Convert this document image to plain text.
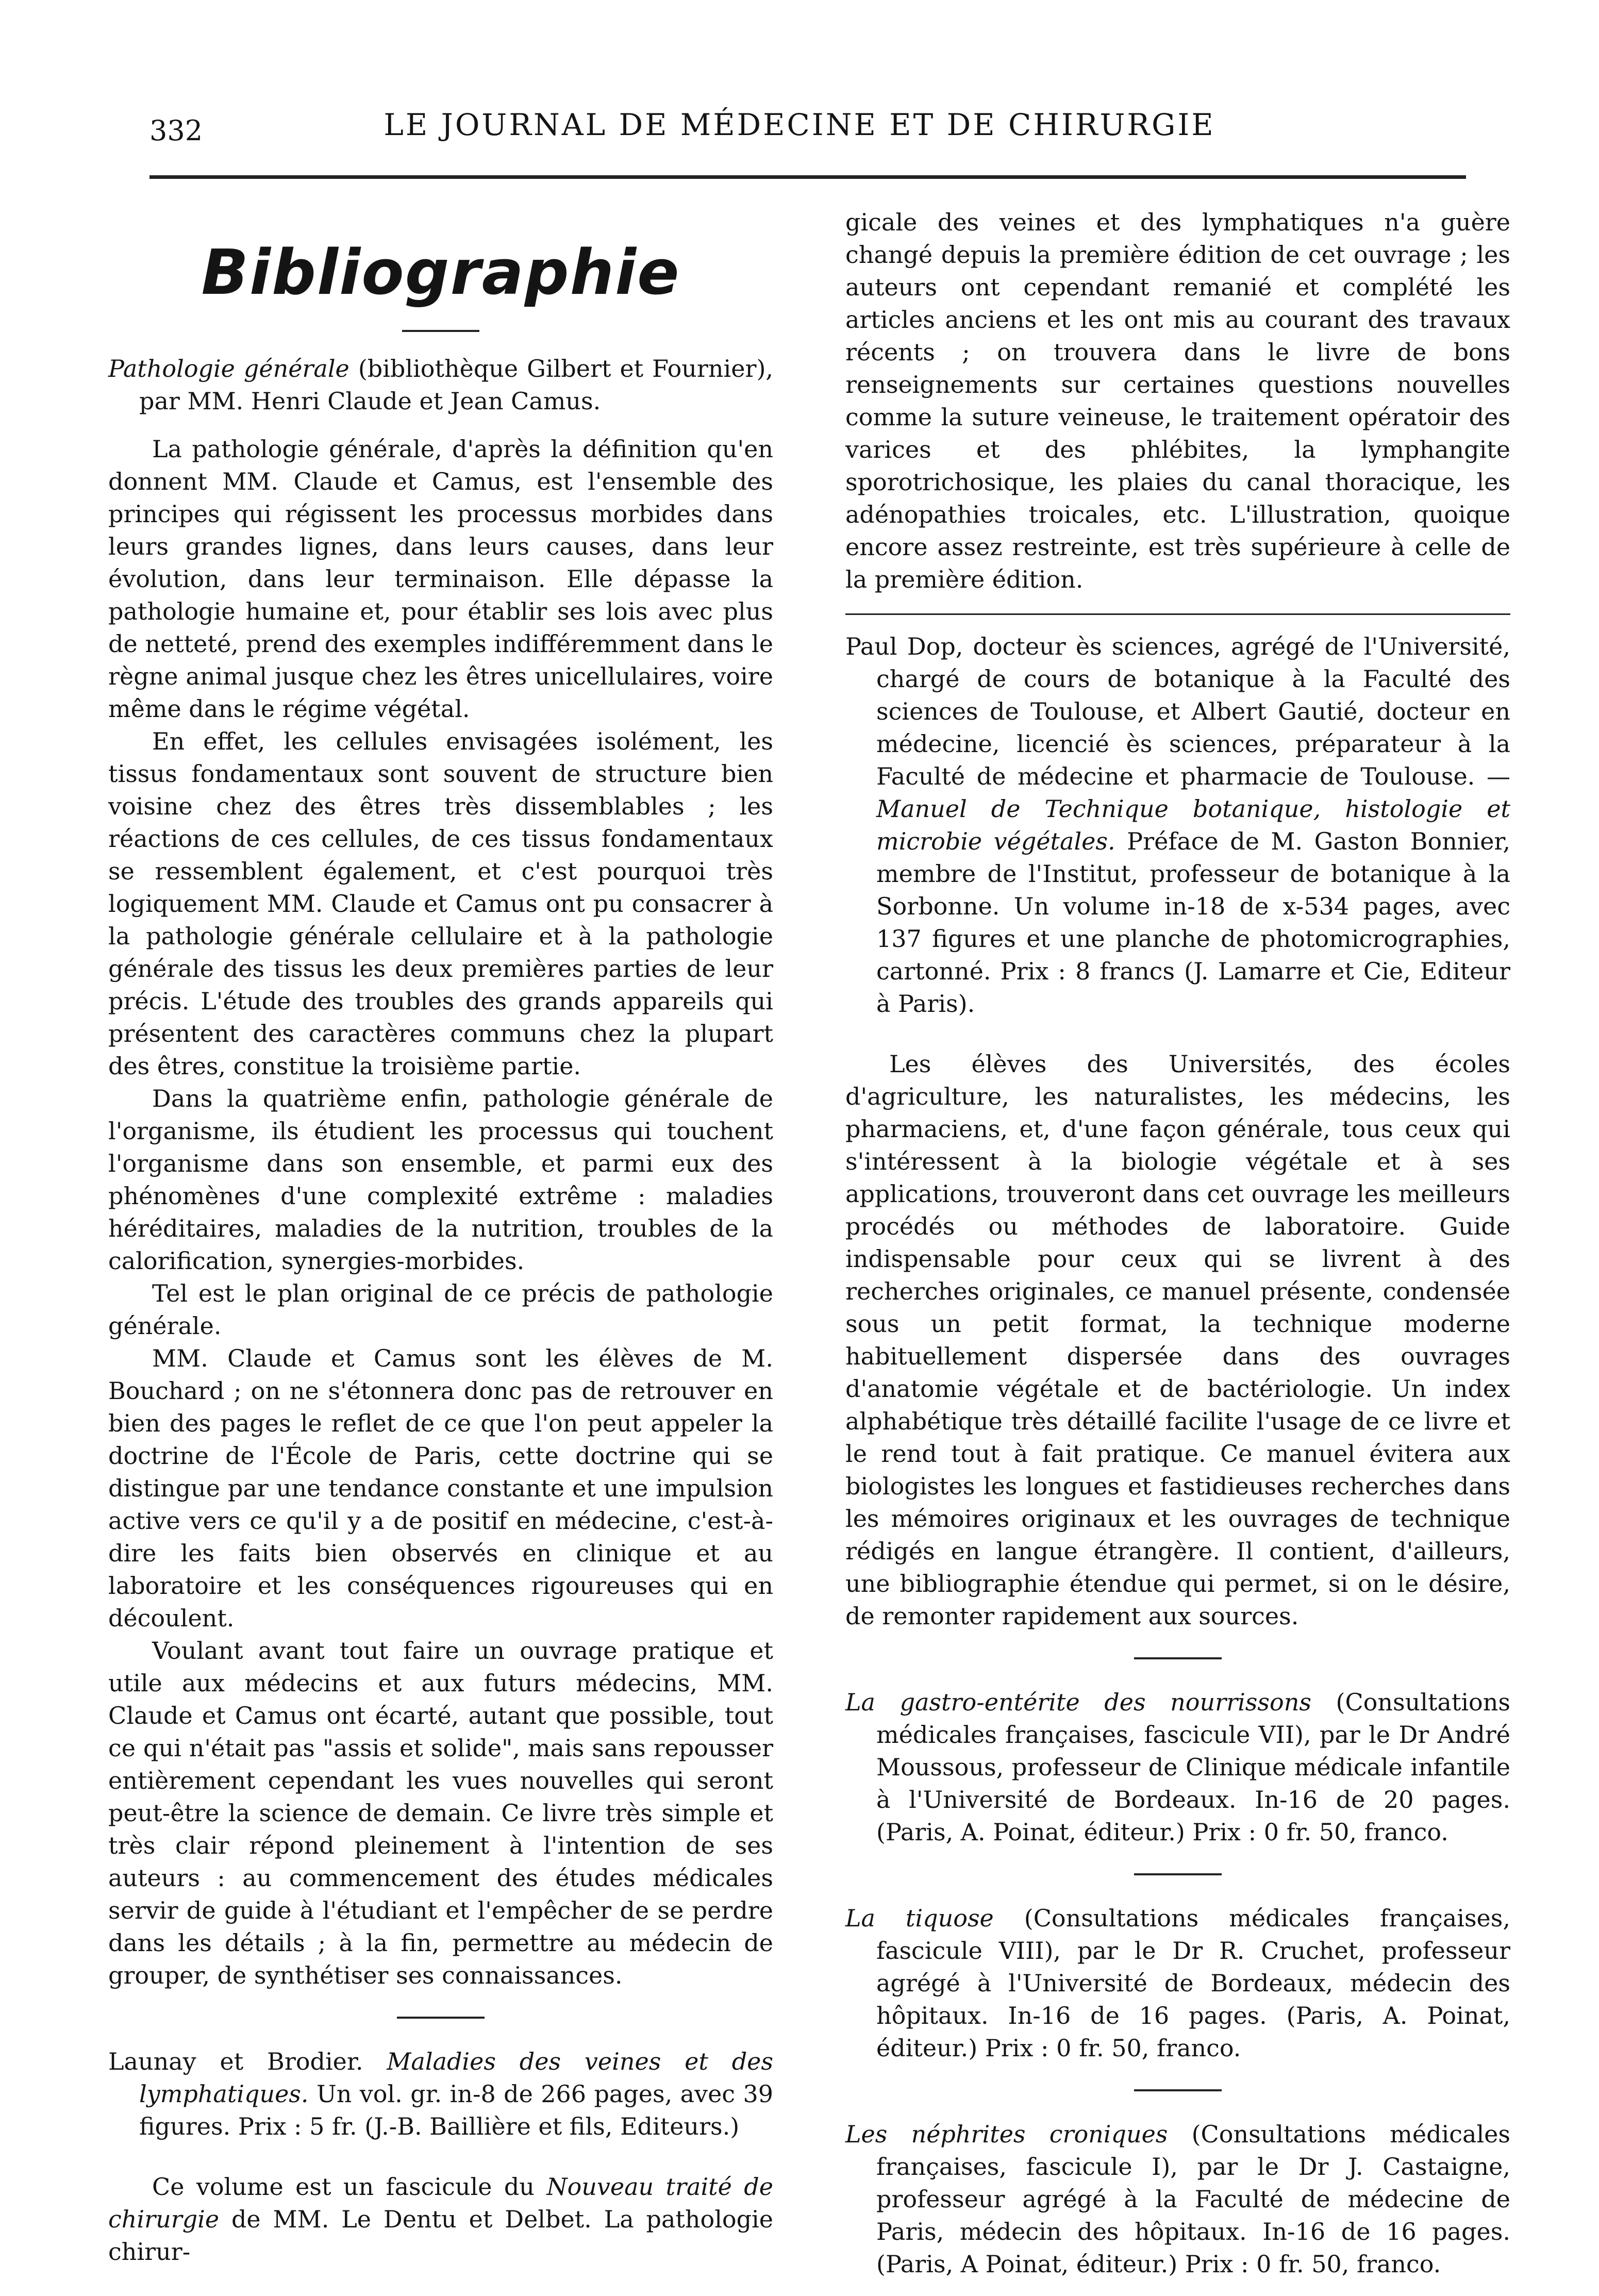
332	LE JOURNAL DE MÉDECINE ET DE CHIRURGIE
Bibliographie
Pathologie générale (bibliothèque Gilbert et Fournier), par MM. Henri Claude et Jean Camus.

La pathologie générale, d'après la définition qu'en donnent MM. Claude et Camus, est l'ensemble des principes qui régissent les processus morbides dans leurs grandes lignes, dans leurs causes, dans leur évolution, dans leur terminaison. Elle dépasse la pathologie humaine et, pour établir ses lois avec plus de netteté, prend des exemples indifféremment dans le règne animal jusque chez les êtres unicellulaires, voire même dans le régime végétal.

En effet, les cellules envisagées isolément, les tissus fondamentaux sont souvent de structure bien voisine chez des êtres très dissemblables ; les réactions de ces cellules, de ces tissus fondamentaux se ressemblent également, et c'est pourquoi très logiquement MM. Claude et Camus ont pu consacrer à la pathologie générale cellulaire et à la pathologie générale des tissus les deux premières parties de leur précis. L'étude des troubles des grands appareils qui présentent des caractères communs chez la plupart des êtres, constitue la troisième partie.

Dans la quatrième enfin, pathologie générale de l'organisme, ils étudient les processus qui touchent l'organisme dans son ensemble, et parmi eux des phénomènes d'une complexité extrême : maladies héréditaires, maladies de la nutrition, troubles de la calorification, synergies-morbides.

Tel est le plan original de ce précis de pathologie générale.

MM. Claude et Camus sont les élèves de M. Bouchard ; on ne s'étonnera donc pas de retrouver en bien des pages le reflet de ce que l'on peut appeler la doctrine de l'École de Paris, cette doctrine qui se distingue par une tendance constante et une impulsion active vers ce qu'il y a de positif en médecine, c'est-à-dire les faits bien observés en clinique et au laboratoire et les conséquences rigoureuses qui en découlent.

Voulant avant tout faire un ouvrage pratique et utile aux médecins et aux futurs médecins, MM. Claude et Camus ont écarté, autant que possible, tout ce qui n'était pas "assis et solide", mais sans repousser entièrement cependant les vues nouvelles qui seront peut-être la science de demain. Ce livre très simple et très clair répond pleinement à l'intention de ses auteurs : au commencement des études médicales servir de guide à l'étudiant et l'empêcher de se perdre dans les détails ; à la fin, permettre au médecin de grouper, de synthétiser ses connaissances.

Launay et Brodier. Maladies des veines et des lymphatiques. Un vol. gr. in-8 de 266 pages, avec 39 figures. Prix : 5 fr. (J.-B. Baillière et fils, Editeurs.)

Ce volume est un fascicule du Nouveau traité de chirurgie de MM. Le Dentu et Delbet. La pathologie chirur-

gicale des veines et des lymphatiques n'a guère changé depuis la première édition de cet ouvrage ; les auteurs ont cependant remanié et complété les articles anciens et les ont mis au courant des travaux récents ; on trouvera dans le livre de bons renseignements sur certaines questions nouvelles comme la suture veineuse, le traitement opératoir des varices et des phlébites, la lymphangite sporotrichosique, les plaies du canal thoracique, les adénopathies troicales, etc. L'illustration, quoique encore assez restreinte, est très supérieure à celle de la première édition.

Paul Dop, docteur ès sciences, agrégé de l'Université, chargé de cours de botanique à la Faculté des sciences de Toulouse, et Albert Gautié, docteur en médecine, licencié ès sciences, préparateur à la Faculté de médecine et pharmacie de Toulouse. — Manuel de Technique botanique, histologie et microbie végétales. Préface de M. Gaston Bonnier, membre de l'Institut, professeur de botanique à la Sorbonne. Un volume in-18 de x-534 pages, avec 137 figures et une planche de photomicrographies, cartonné. Prix : 8 francs (J. Lamarre et Cie, Editeur à Paris).

Les élèves des Universités, des écoles d'agriculture, les naturalistes, les médecins, les pharmaciens, et, d'une façon générale, tous ceux qui s'intéressent à la biologie végétale et à ses applications, trouveront dans cet ouvrage les meilleurs procédés ou méthodes de laboratoire. Guide indispensable pour ceux qui se livrent à des recherches originales, ce manuel présente, condensée sous un petit format, la technique moderne habituellement dispersée dans des ouvrages d'anatomie végétale et de bactériologie. Un index alphabétique très détaillé facilite l'usage de ce livre et le rend tout à fait pratique. Ce manuel évitera aux biologistes les longues et fastidieuses recherches dans les mémoires originaux et les ouvrages de technique rédigés en langue étrangère. Il contient, d'ailleurs, une bibliographie étendue qui permet, si on le désire, de remonter rapidement aux sources.

La gastro-entérite des nourrissons (Consultations médicales françaises, fascicule VII), par le Dr André Moussous, professeur de Clinique médicale infantile à l'Université de Bordeaux. In-16 de 20 pages. (Paris, A. Poinat, éditeur.) Prix : 0 fr. 50, franco.
La tiquose (Consultations médicales françaises, fascicule VIII), par le Dr R. Cruchet, professeur agrégé à l'Université de Bordeaux, médecin des hôpitaux. In-16 de 16 pages. (Paris, A. Poinat, éditeur.) Prix : 0 fr. 50, franco.
Les néphrites croniques (Consultations médicales françaises, fascicule I), par le Dr J. Castaigne, professeur agrégé à la Faculté de médecine de Paris, médecin des hôpitaux. In-16 de 16 pages. (Paris, A Poinat, éditeur.) Prix : 0 fr. 50, franco.
